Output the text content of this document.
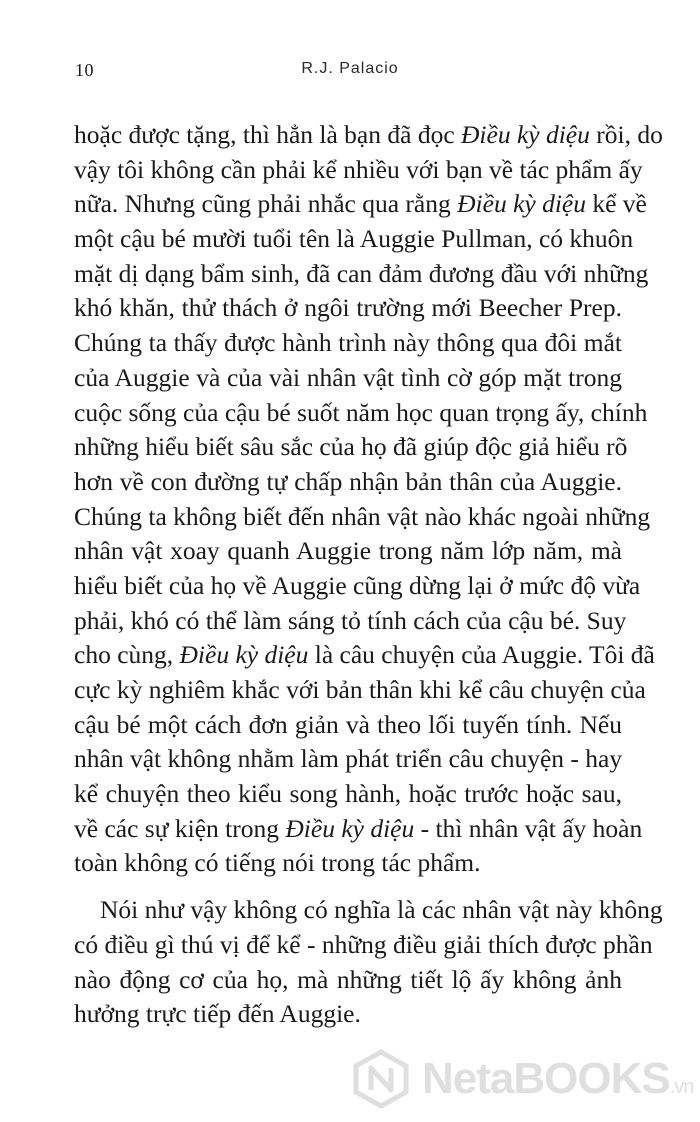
10	R.J. Palacio
hoặc được tặng, thì hẳn là bạn đã đọc Điều kỳ diệu rồi, do
vậy tôi không cần phải kể nhiều với bạn về tác phẩm ấy
nữa. Nhưng cũng phải nhắc qua rằng Điều kỳ diệu kể về
một cậu bé mười tuổi tên là Auggie Pullman, có khuôn
mặt dị dạng bẩm sinh, đã can đảm đương đầu với những
khó khăn, thử thách ở ngôi trường mới Beecher Prep.
Chúng ta thấy được hành trình này thông qua đôi mắt
của Auggie và của vài nhân vật tình cờ góp mặt trong
cuộc sống của cậu bé suốt năm học quan trọng ấy, chính
những hiểu biết sâu sắc của họ đã giúp độc giả hiểu rõ
hơn về con đường tự chấp nhận bản thân của Auggie.
Chúng ta không biết đến nhân vật nào khác ngoài những
nhân vật xoay quanh Auggie trong năm lớp năm, mà
hiểu biết của họ về Auggie cũng dừng lại ở mức độ vừa
phải, khó có thể làm sáng tỏ tính cách của cậu bé. Suy
cho cùng, Điều kỳ diệu là câu chuyện của Auggie. Tôi đã
cực kỳ nghiêm khắc với bản thân khi kể câu chuyện của
cậu bé một cách đơn giản và theo lối tuyến tính. Nếu
nhân vật không nhằm làm phát triển câu chuyện - hay
kể chuyện theo kiểu song hành, hoặc trước hoặc sau,
về các sự kiện trong Điều kỳ diệu - thì nhân vật ấy hoàn
toàn không có tiếng nói trong tác phẩm.
Nói như vậy không có nghĩa là các nhân vật này không
có điều gì thú vị để kể - những điều giải thích được phần
nào động cơ của họ, mà những tiết lộ ấy không ảnh
hưởng trực tiếp đến Auggie.
NetaBOOKS.vn
